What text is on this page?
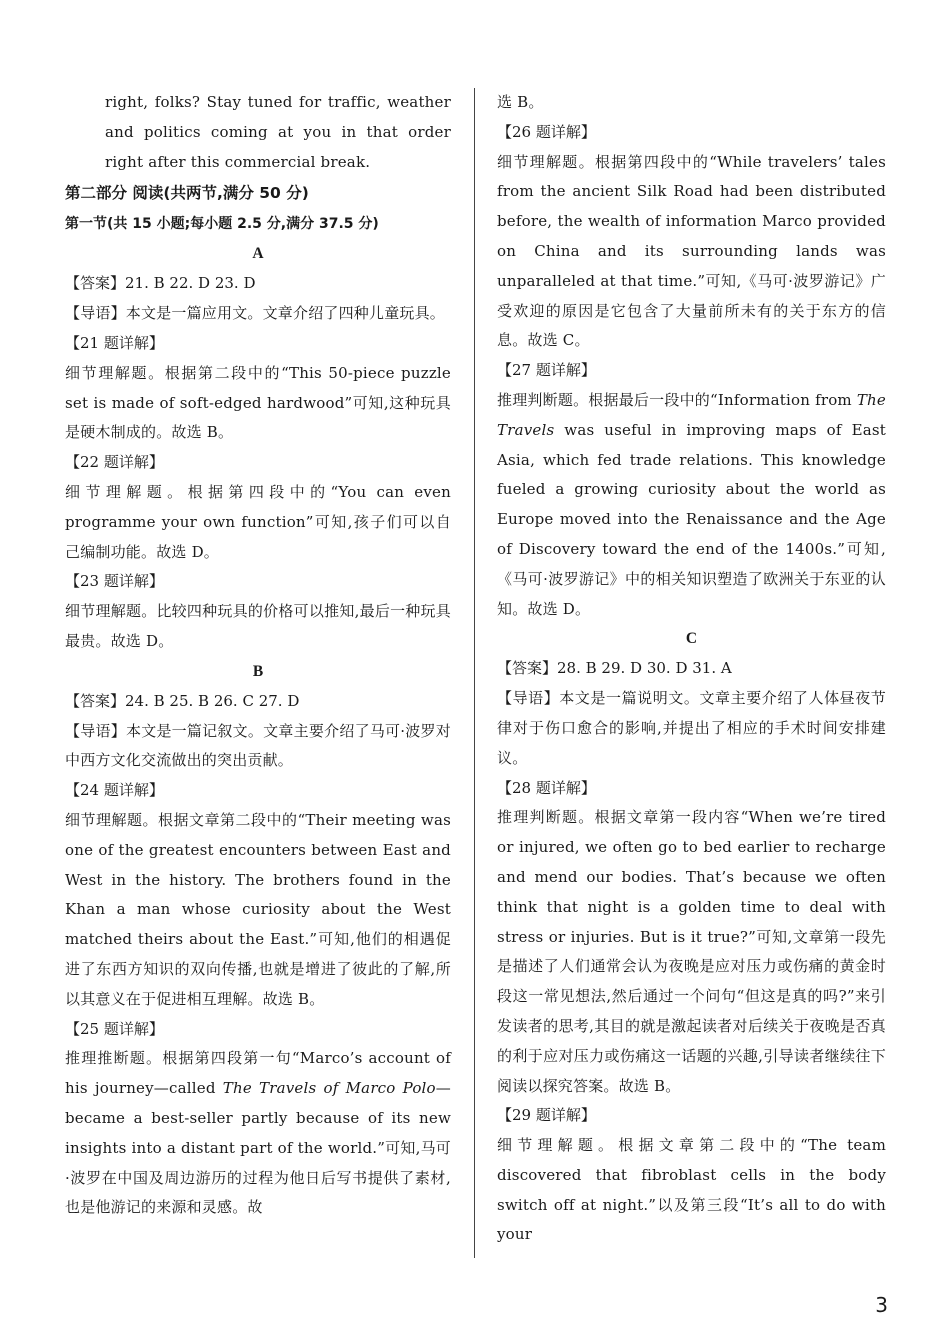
right, folks? Stay tuned for traffic, weather and politics coming at you in that order right after this commercial break.

第二部分 阅读(共两节,满分 50 分)
第一节(共 15 小题;每小题 2.5 分,满分 37.5 分)
A
【答案】21. B 22. D 23. D

【导语】本文是一篇应用文。文章介绍了四种儿童玩具。

【21 题详解】

细节理解题。根据第二段中的“This 50-piece puzzle set is made of soft-edged hardwood”可知,这种玩具是硬木制成的。故选 B。

【22 题详解】

细节理解题。根据第四段中的“You can even programme your own function”可知,孩子们可以自己编制功能。故选 D。

【23 题详解】

细节理解题。比较四种玩具的价格可以推知,最后一种玩具最贵。故选 D。

B
【答案】24. B 25. B 26. C 27. D

【导语】本文是一篇记叙文。文章主要介绍了马可·波罗对中西方文化交流做出的突出贡献。

【24 题详解】

细节理解题。根据文章第二段中的“Their meeting was one of the greatest encounters between East and West in the history. The brothers found in the Khan a man whose curiosity about the West matched theirs about the East.”可知,他们的相遇促进了东西方知识的双向传播,也就是增进了彼此的了解,所以其意义在于促进相互理解。故选 B。

【25 题详解】

推理推断题。根据第四段第一句“Marco’s account of his journey—called The Travels of Marco Polo—became a best-seller partly because of its new insights into a distant part of the world.”可知,马可·波罗在中国及周边游历的过程为他日后写书提供了素材,也是他游记的来源和灵感。故

选 B。

【26 题详解】

细节理解题。根据第四段中的“While travelers’ tales from the ancient Silk Road had been distributed before, the wealth of information Marco provided on China and its surrounding lands was unparalleled at that time.”可知,《马可·波罗游记》广受欢迎的原因是它包含了大量前所未有的关于东方的信息。故选 C。

【27 题详解】

推理判断题。根据最后一段中的“Information from The Travels was useful in improving maps of East Asia, which fed trade relations. This knowledge fueled a growing curiosity about the world as Europe moved into the Renaissance and the Age of Discovery toward the end of the 1400s.”可知,《马可·波罗游记》中的相关知识塑造了欧洲关于东亚的认知。故选 D。

C
【答案】28. B 29. D 30. D 31. A

【导语】本文是一篇说明文。文章主要介绍了人体昼夜节律对于伤口愈合的影响,并提出了相应的手术时间安排建议。

【28 题详解】

推理判断题。根据文章第一段内容“When we’re tired or injured, we often go to bed earlier to recharge and mend our bodies. That’s because we often think that night is a golden time to deal with stress or injuries. But is it true?”可知,文章第一段先是描述了人们通常会认为夜晚是应对压力或伤痛的黄金时段这一常见想法,然后通过一个问句“但这是真的吗?”来引发读者的思考,其目的就是激起读者对后续关于夜晚是否真的利于应对压力或伤痛这一话题的兴趣,引导读者继续往下阅读以探究答案。故选 B。

【29 题详解】

细节理解题。根据文章第二段中的“The team discovered that fibroblast cells in the body switch off at night.”以及第三段“It’s all to do with your

3
